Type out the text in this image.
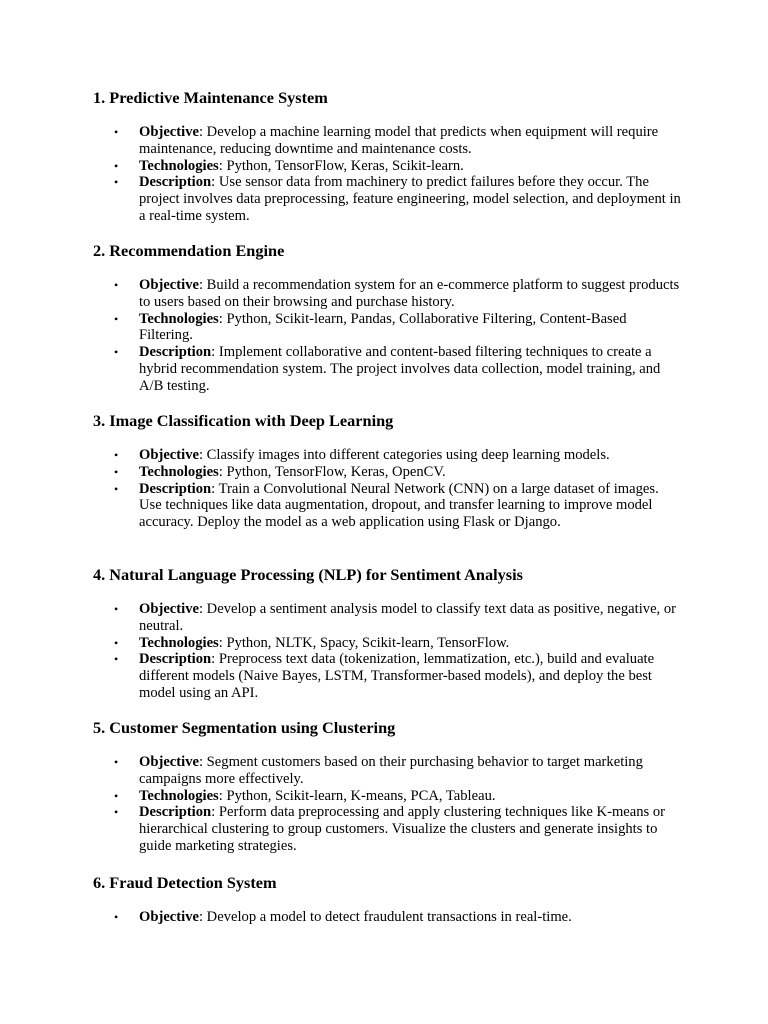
1. Predictive Maintenance System
• Objective: Develop a machine learning model that predicts when equipment will require maintenance, reducing downtime and maintenance costs.
• Technologies: Python, TensorFlow, Keras, Scikit-learn.
• Description: Use sensor data from machinery to predict failures before they occur. The project involves data preprocessing, feature engineering, model selection, and deployment in a real-time system.
2. Recommendation Engine
• Objective: Build a recommendation system for an e-commerce platform to suggest products to users based on their browsing and purchase history.
• Technologies: Python, Scikit-learn, Pandas, Collaborative Filtering, Content-Based Filtering.
• Description: Implement collaborative and content-based filtering techniques to create a hybrid recommendation system. The project involves data collection, model training, and A/B testing.
3. Image Classification with Deep Learning
• Objective: Classify images into different categories using deep learning models.
• Technologies: Python, TensorFlow, Keras, OpenCV.
• Description: Train a Convolutional Neural Network (CNN) on a large dataset of images. Use techniques like data augmentation, dropout, and transfer learning to improve model accuracy. Deploy the model as a web application using Flask or Django.
4. Natural Language Processing (NLP) for Sentiment Analysis
• Objective: Develop a sentiment analysis model to classify text data as positive, negative, or neutral.
• Technologies: Python, NLTK, Spacy, Scikit-learn, TensorFlow.
• Description: Preprocess text data (tokenization, lemmatization, etc.), build and evaluate different models (Naive Bayes, LSTM, Transformer-based models), and deploy the best model using an API.
5. Customer Segmentation using Clustering
• Objective: Segment customers based on their purchasing behavior to target marketing campaigns more effectively.
• Technologies: Python, Scikit-learn, K-means, PCA, Tableau.
• Description: Perform data preprocessing and apply clustering techniques like K-means or hierarchical clustering to group customers. Visualize the clusters and generate insights to guide marketing strategies.
6. Fraud Detection System
• Objective: Develop a model to detect fraudulent transactions in real-time.
